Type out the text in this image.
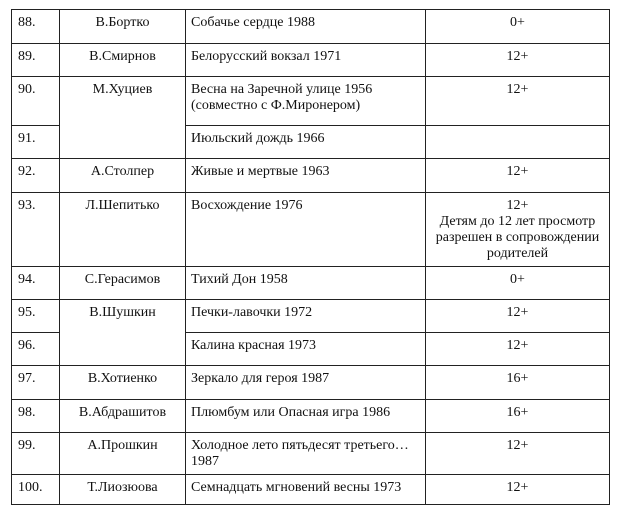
88.	В.Бортко	Собачье сердце 1988	0+
89.	В.Смирнов	Белорусский вокзал 1971	12+
90.	М.Хуциев	Весна на Заречной улице 1956 (совместно с Ф.Миронером)	12+
91.		Июльский дождь 1966	
92.	А.Столпер	Живые и мертвые 1963	12+
93.	Л.Шепитько	Восхождение 1976	12+
Детям до 12 лет просмотр разрешен в сопровождении родителей

94.	С.Герасимов	Тихий Дон 1958	0+
95.	В.Шушкин	Печки-лавочки 1972	12+
96.		Калина красная 1973	12+
97.	В.Хотиенко	Зеркало для героя 1987	16+
98.	В.Абдрашитов	Плюмбум или Опасная игра 1986	16+
99.	А.Прошкин	Холодное лето пятьдесят третьего…1987	12+
100.	Т.Лиозюова	Семнадцать мгновений весны 1973	12+
